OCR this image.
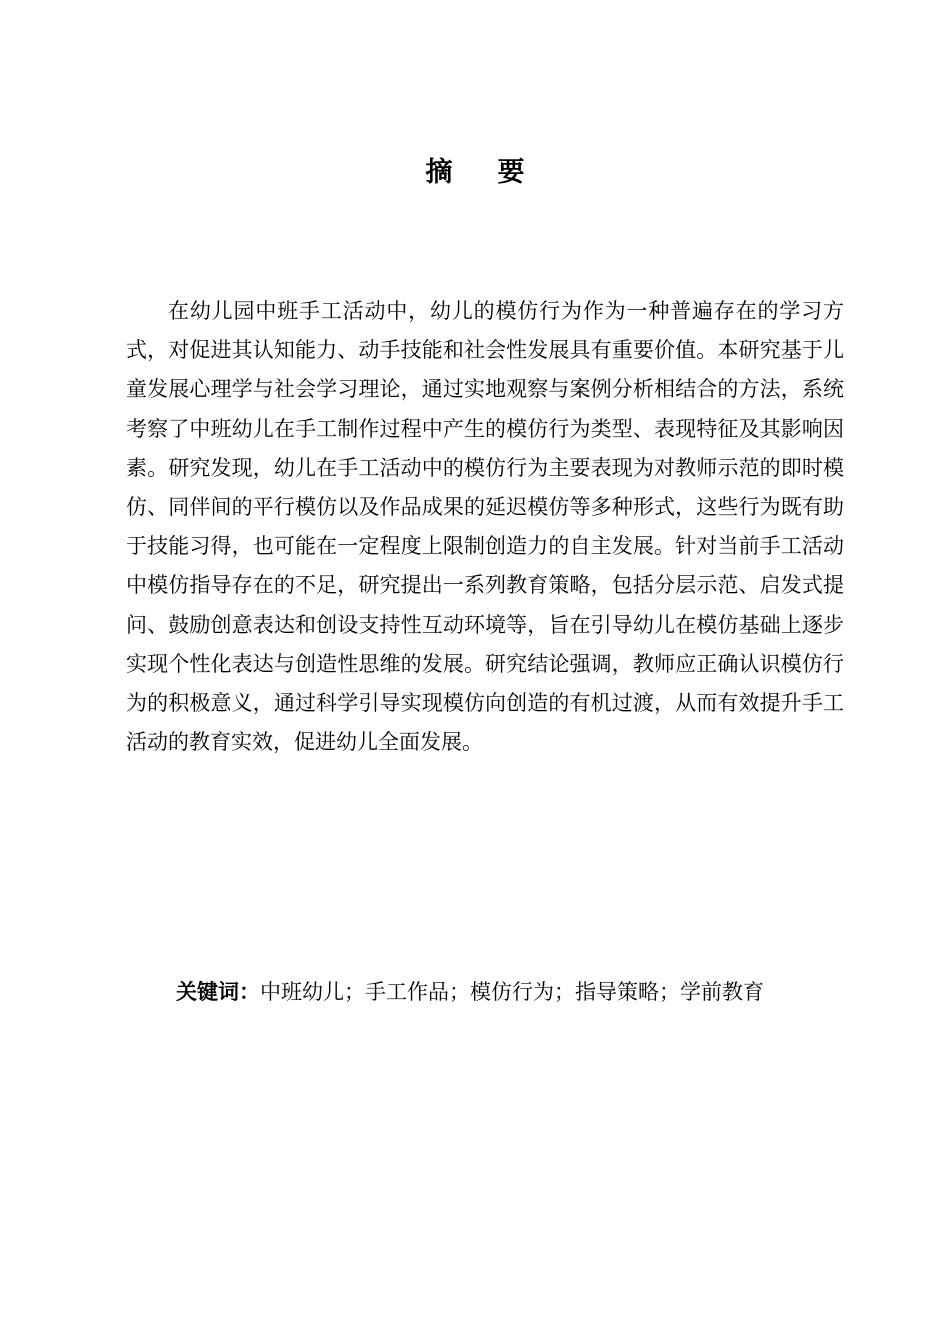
摘 要

在幼儿园中班手工活动中，幼儿的模仿行为作为一种普遍存在的学习方式，对促进其认知能力、动手技能和社会性发展具有重要价值。本研究基于儿童发展心理学与社会学习理论，通过实地观察与案例分析相结合的方法，系统考察了中班幼儿在手工制作过程中产生的模仿行为类型、表现特征及其影响因素。研究发现，幼儿在手工活动中的模仿行为主要表现为对教师示范的即时模仿、同伴间的平行模仿以及作品成果的延迟模仿等多种形式，这些行为既有助于技能习得，也可能在一定程度上限制创造力的自主发展。针对当前手工活动中模仿指导存在的不足，研究提出一系列教育策略，包括分层示范、启发式提问、鼓励创意表达和创设支持性互动环境等，旨在引导幼儿在模仿基础上逐步实现个性化表达与创造性思维的发展。研究结论强调，教师应正确认识模仿行为的积极意义，通过科学引导实现模仿向创造的有机过渡，从而有效提升手工活动的教育实效，促进幼儿全面发展。

关键词：中班幼儿；手工作品；模仿行为；指导策略；学前教育
